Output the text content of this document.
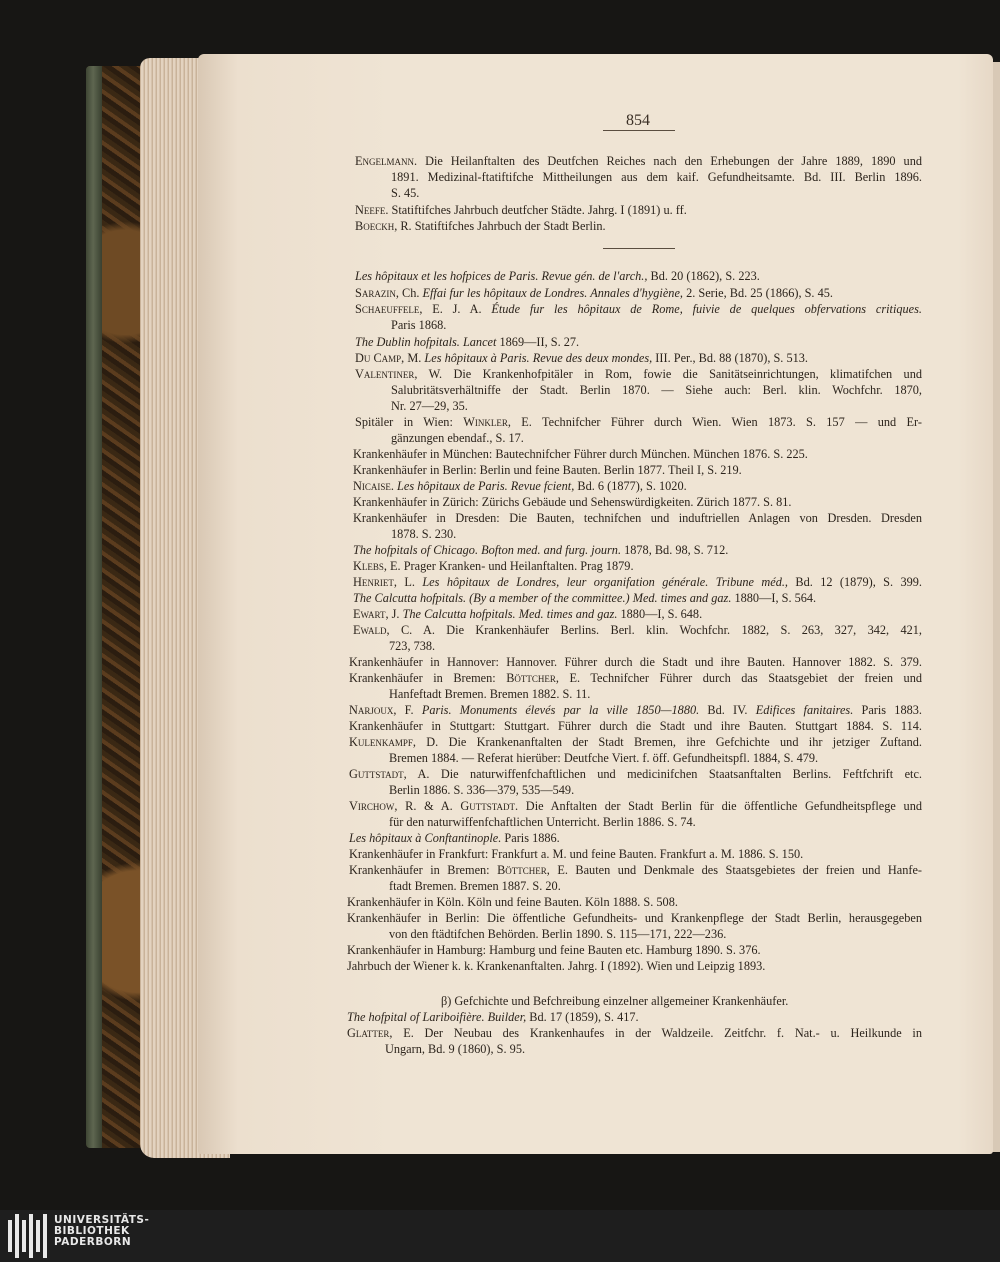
854
Engelmann. Die Heilanftalten des Deutfchen Reiches nach den Erhebungen der Jahre 1889, 1890 und
1891. Medizinal-ftatiftifche Mittheilungen aus dem kaif. Gefundheitsamte. Bd. III. Berlin 1896.
S. 45.
Neefe. Statiftifches Jahrbuch deutfcher Städte. Jahrg. I (1891) u. ff.
Boeckh, R. Statiftifches Jahrbuch der Stadt Berlin.
Les hôpitaux et les hofpices de Paris. Revue gén. de l'arch., Bd. 20 (1862), S. 223.
Sarazin, Ch. Effai fur les hôpitaux de Londres. Annales d'hygiène, 2. Serie, Bd. 25 (1866), S. 45.
Schaeuffele, E. J. A. Étude fur les hôpitaux de Rome, fuivie de quelques obfervations critiques.
Paris 1868.
The Dublin hofpitals. Lancet 1869—II, S. 27.
Du Camp, M. Les hôpitaux à Paris. Revue des deux mondes, III. Per., Bd. 88 (1870), S. 513.
Valentiner, W. Die Krankenhofpitäler in Rom, fowie die Sanitätseinrichtungen, klimatifchen und
Salubritätsverhältniffe der Stadt. Berlin 1870. — Siehe auch: Berl. klin. Wochfchr. 1870,
Nr. 27—29, 35.
Spitäler in Wien: Winkler, E. Technifcher Führer durch Wien. Wien 1873. S. 157 — und Er-
gänzungen ebendaf., S. 17.
Krankenhäufer in München: Bautechnifcher Führer durch München. München 1876. S. 225.
Krankenhäufer in Berlin: Berlin und feine Bauten. Berlin 1877. Theil I, S. 219.
Nicaise. Les hôpitaux de Paris. Revue fcient, Bd. 6 (1877), S. 1020.
Krankenhäufer in Zürich: Zürichs Gebäude und Sehenswürdigkeiten. Zürich 1877. S. 81.
Krankenhäufer in Dresden: Die Bauten, technifchen und induftriellen Anlagen von Dresden. Dresden
1878. S. 230.
The hofpitals of Chicago. Bofton med. and furg. journ. 1878, Bd. 98, S. 712.
Klebs, E. Prager Kranken- und Heilanftalten. Prag 1879.
Henriet, L. Les hôpitaux de Londres, leur organifation générale. Tribune méd., Bd. 12 (1879), S. 399.
The Calcutta hofpitals. (By a member of the committee.) Med. times and gaz. 1880—I, S. 564.
Ewart, J. The Calcutta hofpitals. Med. times and gaz. 1880—I, S. 648.
Ewald, C. A. Die Krankenhäufer Berlins. Berl. klin. Wochfchr. 1882, S. 263, 327, 342, 421,
723, 738.
Krankenhäufer in Hannover: Hannover. Führer durch die Stadt und ihre Bauten. Hannover 1882. S. 379.
Krankenhäufer in Bremen: Böttcher, E. Technifcher Führer durch das Staatsgebiet der freien und
Hanfeftadt Bremen. Bremen 1882. S. 11.
Narjoux, F. Paris. Monuments élevés par la ville 1850—1880. Bd. IV. Edifices fanitaires. Paris 1883.
Krankenhäufer in Stuttgart: Stuttgart. Führer durch die Stadt und ihre Bauten. Stuttgart 1884. S. 114.
Kulenkampf, D. Die Krankenanftalten der Stadt Bremen, ihre Gefchichte und ihr jetziger Zuftand.
Bremen 1884. — Referat hierüber: Deutfche Viert. f. öff. Gefundheitspfl. 1884, S. 479.
Guttstadt, A. Die naturwiffenfchaftlichen und medicinifchen Staatsanftalten Berlins. Feftfchrift etc.
Berlin 1886. S. 336—379, 535—549.
Virchow, R. & A. Guttstadt. Die Anftalten der Stadt Berlin für die öffentliche Gefundheitspflege und
für den naturwiffenfchaftlichen Unterricht. Berlin 1886. S. 74.
Les hôpitaux à Conftantinople. Paris 1886.
Krankenhäufer in Frankfurt: Frankfurt a. M. und feine Bauten. Frankfurt a. M. 1886. S. 150.
Krankenhäufer in Bremen: Böttcher, E. Bauten und Denkmale des Staatsgebietes der freien und Hanfe-
ftadt Bremen. Bremen 1887. S. 20.
Krankenhäufer in Köln. Köln und feine Bauten. Köln 1888. S. 508.
Krankenhäufer in Berlin: Die öffentliche Gefundheits- und Krankenpflege der Stadt Berlin, herausgegeben
von den ftädtifchen Behörden. Berlin 1890. S. 115—171, 222—236.
Krankenhäufer in Hamburg: Hamburg und feine Bauten etc. Hamburg 1890. S. 376.
Jahrbuch der Wiener k. k. Krankenanftalten. Jahrg. I (1892). Wien und Leipzig 1893.
β) Gefchichte und Befchreibung einzelner allgemeiner Krankenhäufer.
The hofpital of Lariboifière. Builder, Bd. 17 (1859), S. 417.
Glatter, E. Der Neubau des Krankenhaufes in der Waldzeile. Zeitfchr. f. Nat.- u. Heilkunde in
Ungarn, Bd. 9 (1860), S. 95.
UNIVERSITÄTS-
BIBLIOTHEK
PADERBORN
